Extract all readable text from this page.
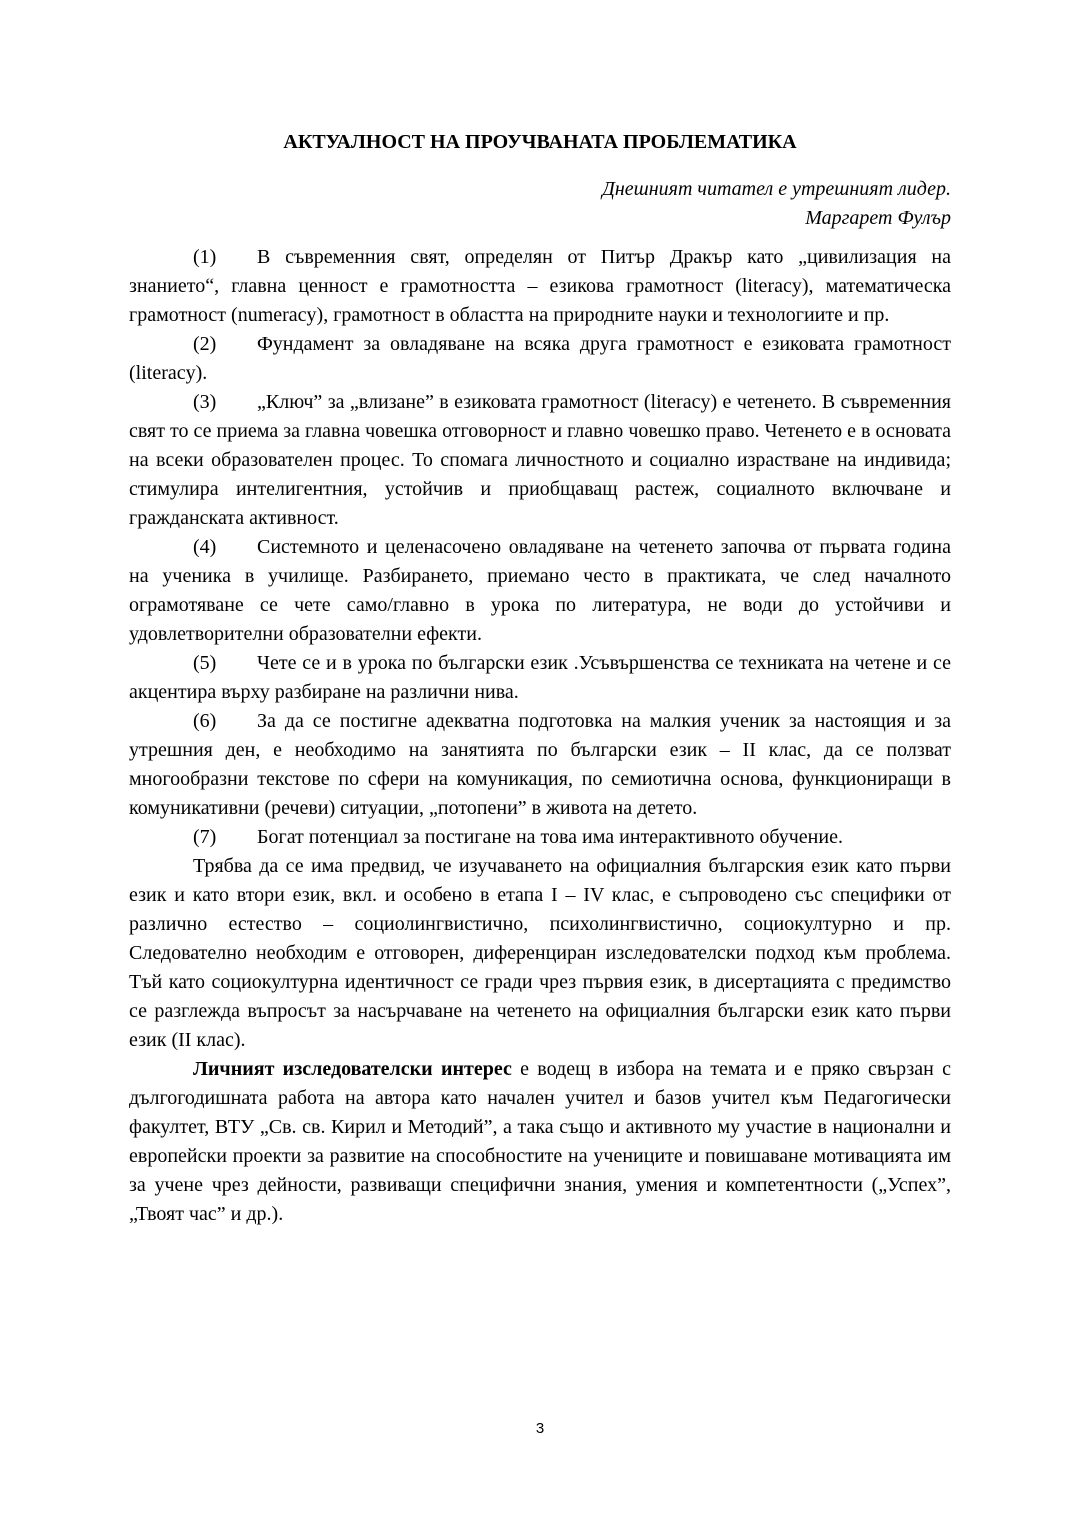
АКТУАЛНОСТ НА ПРОУЧВАНАТА ПРОБЛЕМАТИКА
Днешният читател е утрешният лидер.
Маргарет Фулър

(1) В съвременния свят, определян от Питър Дракър като „цивилизация на знанието“, главна ценност е грамотността – езикова грамотност (literacy), математическа грамотност (numeracy), грамотност в областта на природните науки и технологиите и пр.

(2) Фундамент за овладяване на всяка друга грамотност е езиковата грамотност (literacy).

(3) „Ключ” за „влизане” в езиковата грамотност (literacy) е четенето. В съвременния свят то се приема за главна човешка отговорност и главно човешко право. Четенето е в основата на всеки образователен процес. То спомага личностното и социално израстване на индивида; стимулира интелигентния, устойчив и приобщаващ растеж, социалното включване и гражданската активност.

(4) Системното и целенасочено овладяване на четенето започва от първата година на ученика в училище. Разбирането, приемано често в практиката, че след началното ограмотяване се чете само/главно в урока по литература, не води до устойчиви и удовлетворителни образователни ефекти.

(5) Чете се и в урока по български език .Усъвършенства се техниката на четене и се акцентира върху разбиране на различни нива.

(6) За да се постигне адекватна подготовка на малкия ученик за настоящия и за утрешния ден, е необходимо на занятията по български език – II клас, да се ползват многообразни текстове по сфери на комуникация, по семиотична основа, функциониращи в комуникативни (речеви) ситуации, „потопени” в живота на детето.

(7) Богат потенциал за постигане на това има интерактивното обучение.

Трябва да се има предвид, че изучаването на официалния българския език като първи език и като втори език, вкл. и особено в етапа I – IV клас, е съпроводено със специфики от различно естество – социолингвистично, психолингвистично, социокултурно и пр. Следователно необходим е отговорен, диференциран изследователски подход към проблема. Тъй като социокултурна идентичност се гради чрез първия език, в дисертацията с предимство се разглежда въпросът за насърчаване на четенето на официалния български език като първи език (II клас).

Личният изследователски интерес е водещ в избора на темата и е пряко свързан с дългогодишната работа на автора като начален учител и базов учител към Педагогически факултет, ВТУ „Св. св. Кирил и Методий”, а така също и активното му участие в национални и европейски проекти за развитие на способностите на учениците и повишаване мотивацията им за учене чрез дейности, развиващи специфични знания, умения и компетентности („Успех”, „Твоят час” и др.).

3
